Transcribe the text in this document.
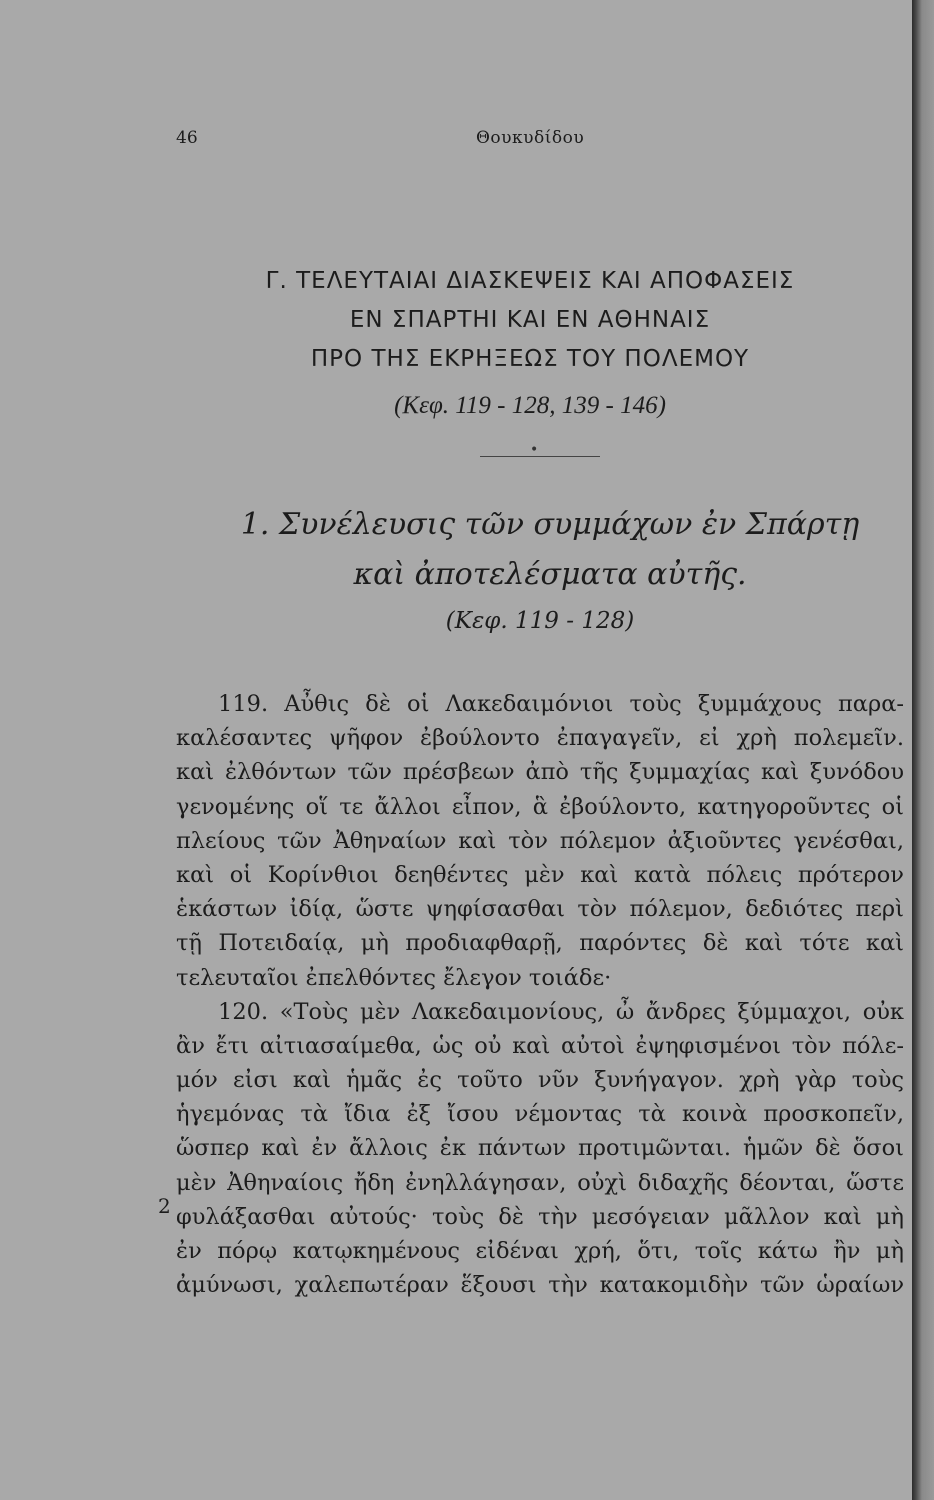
46	Θουκυδίδου
Γ. ΤΕΛΕΥΤΑΙΑΙ ΔΙΑΣΚΕΨΕΙΣ ΚΑΙ ΑΠΟΦΑΣΕΙΣ
ΕΝ ΣΠΑΡΤΗΙ ΚΑΙ ΕΝ ΑΘΗΝΑΙΣ
ΠΡΟ ΤΗΣ ΕΚΡΗΞΕΩΣ ΤΟΥ ΠΟΛΕΜΟΥ
(Κεφ. 119 - 128, 139 - 146)
•
1. Συνέλευσις τῶν συμμάχων ἐν Σπάρτῃ
καὶ ἀποτελέσματα αὐτῆς.
(Κεφ. 119 - 128)
119. Αὖθις δὲ οἱ Λακεδαιμόνιοι τοὺς ξυμμάχους παρα-
καλέσαντες ψῆφον ἐβούλοντο ἐπαγαγεῖν, εἰ χρὴ πολεμεῖν.
καὶ ἐλθόντων τῶν πρέσβεων ἀπὸ τῆς ξυμμαχίας καὶ ξυνόδου
γενομένης οἵ τε ἄλλοι εἶπον, ἃ ἐβούλοντο, κατηγοροῦντες οἱ
πλείους τῶν Ἀθηναίων καὶ τὸν πόλεμον ἀξιοῦντες γενέσθαι,
καὶ οἱ Κορίνθιοι δεηθέντες μὲν καὶ κατὰ πόλεις πρότερον
ἑκάστων ἰδίᾳ, ὥστε ψηφίσασθαι τὸν πόλεμον, δεδιότες περὶ
τῇ Ποτειδαίᾳ, μὴ προδιαφθαρῇ, παρόντες δὲ καὶ τότε καὶ
τελευταῖοι ἐπελθόντες ἔλεγον τοιάδε·
120. «Τοὺς μὲν Λακεδαιμονίους, ὦ ἄνδρες ξύμμαχοι, οὐκ
ἂν ἔτι αἰτιασαίμεθα, ὡς οὐ καὶ αὐτοὶ ἐψηφισμένοι τὸν πόλε-
μόν εἰσι καὶ ἡμᾶς ἐς τοῦτο νῦν ξυνήγαγον. χρὴ γὰρ τοὺς
ἡγεμόνας τὰ ἴδια ἐξ ἴσου νέμοντας τὰ κοινὰ προσκοπεῖν,
ὥσπερ καὶ ἐν ἄλλοις ἐκ πάντων προτιμῶνται. ἡμῶν δὲ ὅσοι
μὲν Ἀθηναίοις ἤδη ἐνηλλάγησαν, οὐχὶ διδαχῆς δέονται, ὥστε
φυλάξασθαι αὐτούς· τοὺς δὲ τὴν μεσόγειαν μᾶλλον καὶ μὴ
ἐν πόρῳ κατῳκημένους εἰδέναι χρή, ὅτι, τοῖς κάτω ἢν μὴ
ἀμύνωσι, χαλεπωτέραν ἕξουσι τὴν κατακομιδὴν τῶν ὡραίων
2
